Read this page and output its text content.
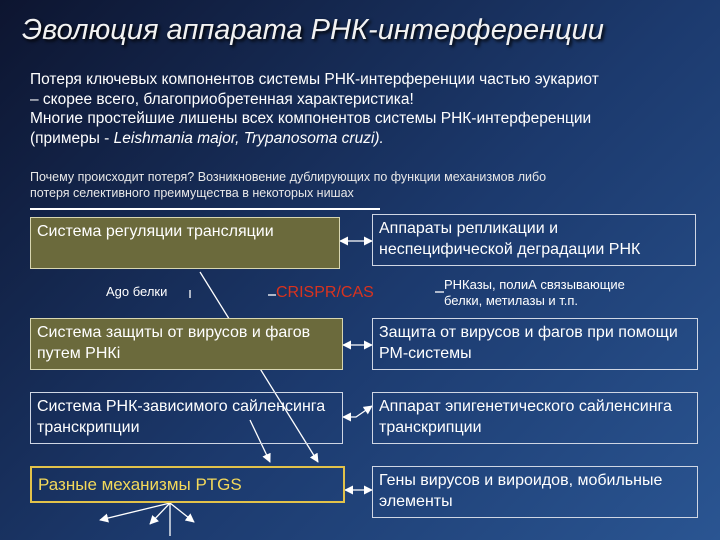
Эволюция аппарата РНК-интерференции
Потеря ключевых компонентов системы РНК-интерференции частью эукариот
– скорее всего, благоприобретенная характеристика!
Многие простейшие лишены всех компонентов системы РНК-интерференции
(примеры - Leishmania major, Trypanosoma cruzi).
Почему происходит потеря? Возникновение дублирующих по функции механизмов либо
потеря селективного преимущества в некоторых нишах
Система регуляции трансляции
Система защиты от вирусов и фагов путем РНКi
Система РНК-зависимого сайленсинга транскрипции
Разные механизмы PTGS
Аппараты репликации и неспецифической деградации РНК
Защита от вирусов и фагов при помощи РМ-системы
Аппарат эпигенетического сайленсинга транскрипции
Гены вирусов и вироидов, мобильные элементы
Ago белки	CRISPR/CAS	РНКазы, полиА связывающие
белки, метилазы и т.п.
